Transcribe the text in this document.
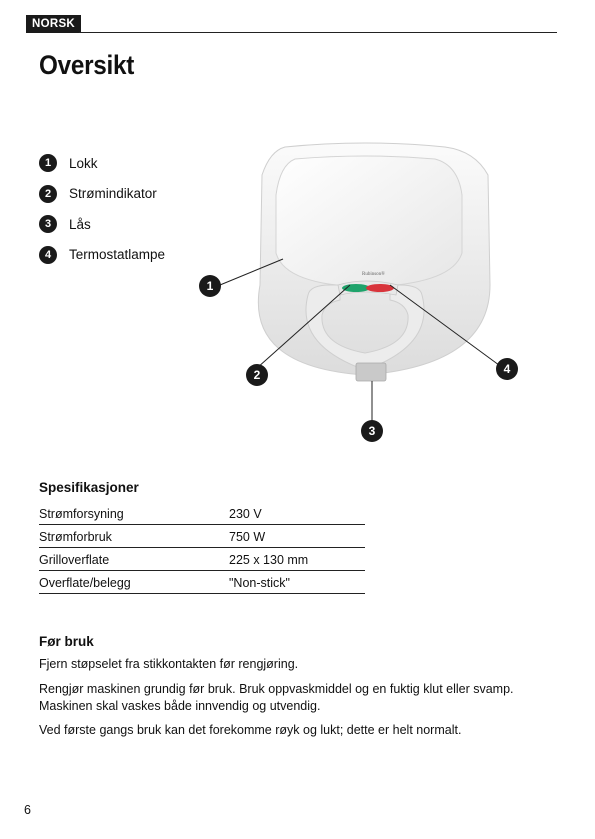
NORSK
Oversikt
1	Lokk
2	Strømindikator
3	Lås
4	Termostatlampe
Rubinson®
1
2
3
4
Spesifikasjoner
Strømforsyning	230 V
Strømforbruk	750 W
Grilloverflate	225 x 130 mm
Overflate/belegg	"Non-stick"
Før bruk

Fjern støpselet fra stikkontakten før rengjøring.

Rengjør maskinen grundig før bruk. Bruk oppvaskmiddel og en fuktig klut eller svamp. Maskinen skal vaskes både innvendig og utvendig.

Ved første gangs bruk kan det forekomme røyk og lukt; dette er helt normalt.

6
